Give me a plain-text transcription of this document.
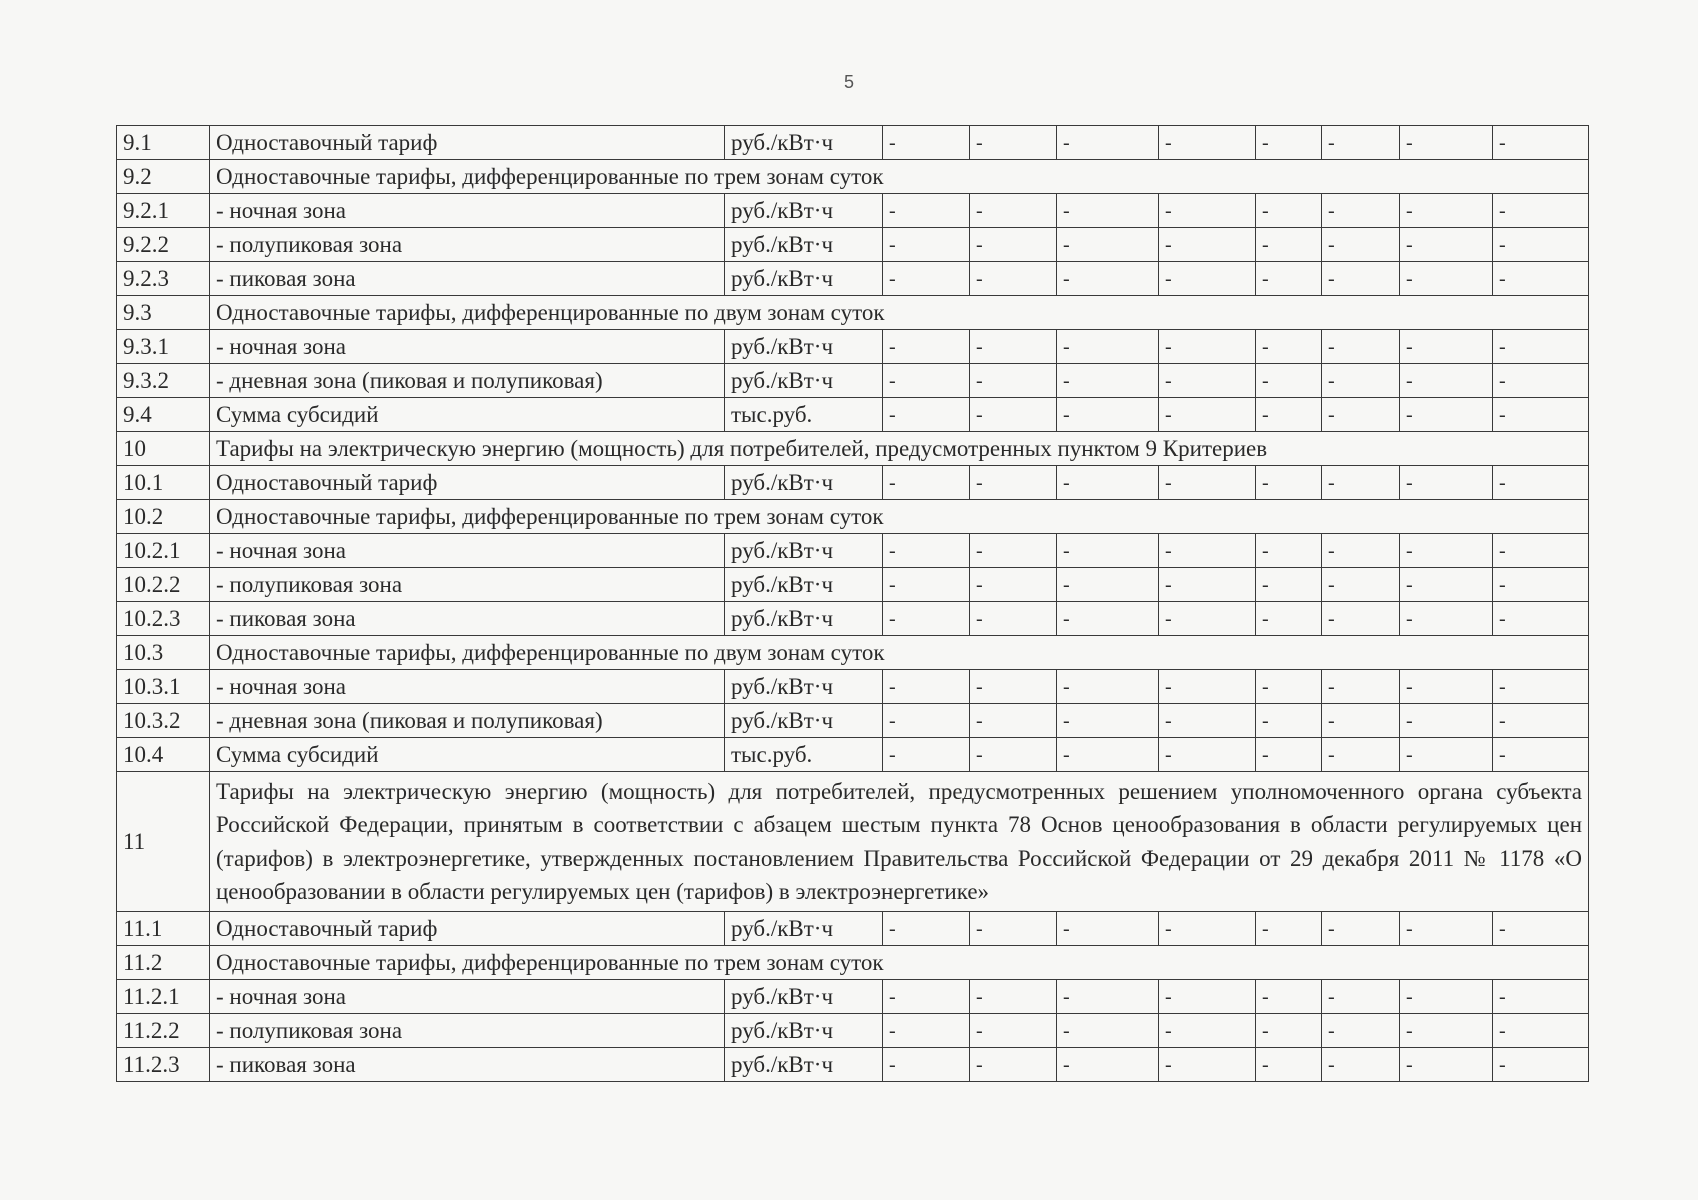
5
9.1	Одноставочный тариф	руб./кВт·ч	-	-	-	-	-	-	-	-
9.2	Одноставочные тарифы, дифференцированные по трем зонам суток									
9.2.1	- ночная зона	руб./кВт·ч	-	-	-	-	-	-	-	-
9.2.2	- полупиковая зона	руб./кВт·ч	-	-	-	-	-	-	-	-
9.2.3	- пиковая зона	руб./кВт·ч	-	-	-	-	-	-	-	-
9.3	Одноставочные тарифы, дифференцированные по двум зонам суток									
9.3.1	- ночная зона	руб./кВт·ч	-	-	-	-	-	-	-	-
9.3.2	- дневная зона (пиковая и полупиковая)	руб./кВт·ч	-	-	-	-	-	-	-	-
9.4	Сумма субсидий	тыс.руб.	-	-	-	-	-	-	-	-
10	Тарифы на электрическую энергию (мощность) для потребителей, предусмотренных пунктом 9 Критериев									
10.1	Одноставочный тариф	руб./кВт·ч	-	-	-	-	-	-	-	-
10.2	Одноставочные тарифы, дифференцированные по трем зонам суток									
10.2.1	- ночная зона	руб./кВт·ч	-	-	-	-	-	-	-	-
10.2.2	- полупиковая зона	руб./кВт·ч	-	-	-	-	-	-	-	-
10.2.3	- пиковая зона	руб./кВт·ч	-	-	-	-	-	-	-	-
10.3	Одноставочные тарифы, дифференцированные по двум зонам суток									
10.3.1	- ночная зона	руб./кВт·ч	-	-	-	-	-	-	-	-
10.3.2	- дневная зона (пиковая и полупиковая)	руб./кВт·ч	-	-	-	-	-	-	-	-
10.4	Сумма субсидий	тыс.руб.	-	-	-	-	-	-	-	-
11	Тарифы на электрическую энергию (мощность) для потребителей, предусмотренных решением уполномоченного органа субъекта Российской Федерации, принятым в соответствии с абзацем шестым пункта 78 Основ ценообразования в области регулируемых цен (тарифов) в электроэнергетике, утвержденных постановлением Правительства Российской Федерации от 29 декабря 2011 № 1178 «О ценообразовании в области регулируемых цен (тарифов) в электроэнергетике»									
11.1	Одноставочный тариф	руб./кВт·ч	-	-	-	-	-	-	-	-
11.2	Одноставочные тарифы, дифференцированные по трем зонам суток									
11.2.1	- ночная зона	руб./кВт·ч	-	-	-	-	-	-	-	-
11.2.2	- полупиковая зона	руб./кВт·ч	-	-	-	-	-	-	-	-
11.2.3	- пиковая зона	руб./кВт·ч	-	-	-	-	-	-	-	-
